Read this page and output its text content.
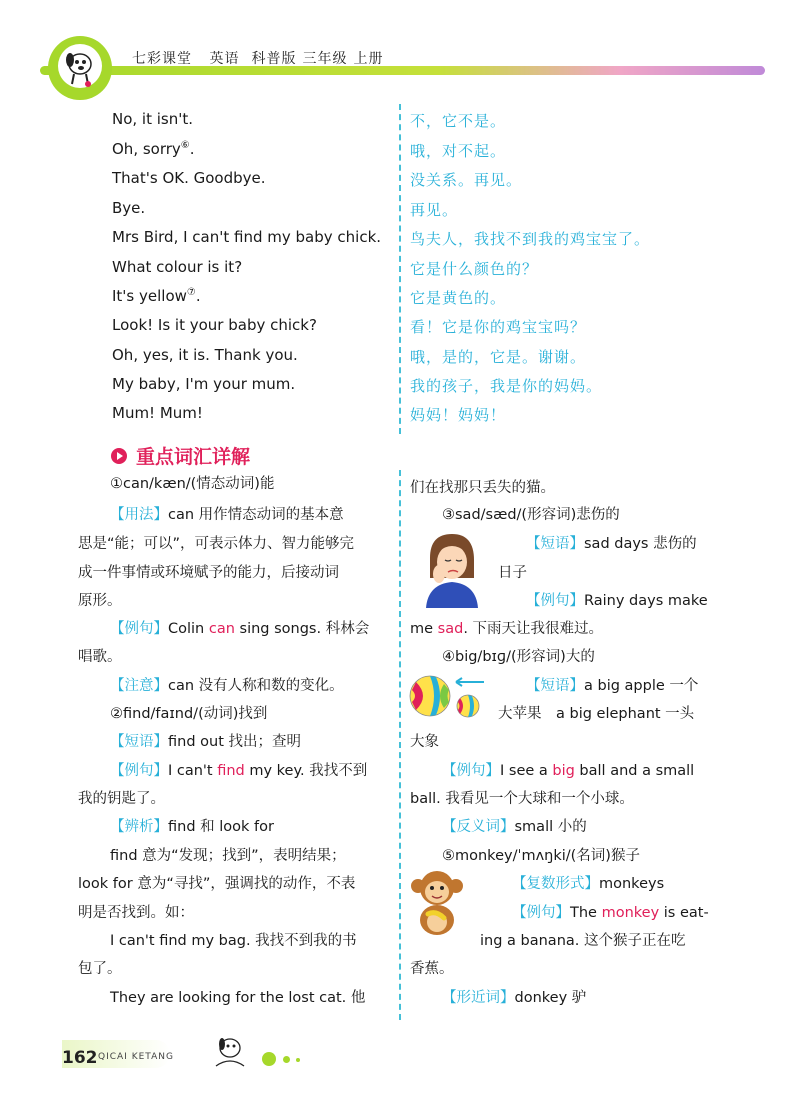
七彩课堂 英语 科普版 三年级 上册
No, it isn't.	不，它不是。
Oh, sorry⑥.	哦，对不起。
That's OK. Goodbye.	没关系。再见。
Bye.	再见。
Mrs Bird, I can't find my baby chick. 鸟夫人，我找不到我的鸡宝宝了。
What colour is it?	它是什么颜色的？
It's yellow⑦.	它是黄色的。
Look! Is it your baby chick?	看！它是你的鸡宝宝吗？
Oh, yes, it is. Thank you.	哦，是的，它是。谢谢。
My baby, I'm your mum.	我的孩子，我是你的妈妈。
Mum! Mum!	妈妈！妈妈！
重点词汇详解
①can/kæn/(情态动词)能
【用法】can 用作情态动词的基本意
思是“能；可以”，可表示体力、智力能够完
成一件事情或环境赋予的能力，后接动词
原形。
【例句】Colin can sing songs. 科林会
唱歌。
【注意】can 没有人称和数的变化。
②find/faɪnd/(动词)找到
【短语】find out 找出；查明
【例句】I can't find my key. 我找不到
我的钥匙了。
【辨析】find 和 look for
find 意为“发现；找到”，表明结果；
look for 意为“寻找”，强调找的动作，不表
明是否找到。如：
I can't find my bag. 我找不到我的书
包了。
They are looking for the lost cat. 他
们在找那只丢失的猫。
③sad/sæd/(形容词)悲伤的
【短语】sad days 悲伤的
日子
【例句】Rainy days make
me sad. 下雨天让我很难过。
④big/bɪɡ/(形容词)大的
【短语】a big apple 一个
大苹果　a big elephant 一头
大象
【例句】I see a big ball and a small
ball. 我看见一个大球和一个小球。
【反义词】small 小的
⑤monkey/ˈmʌŋki/(名词)猴子
【复数形式】monkeys
【例句】The monkey is eat-
ing a banana. 这个猴子正在吃
香蕉。
【形近词】donkey 驴
162 QICAI KETANG
